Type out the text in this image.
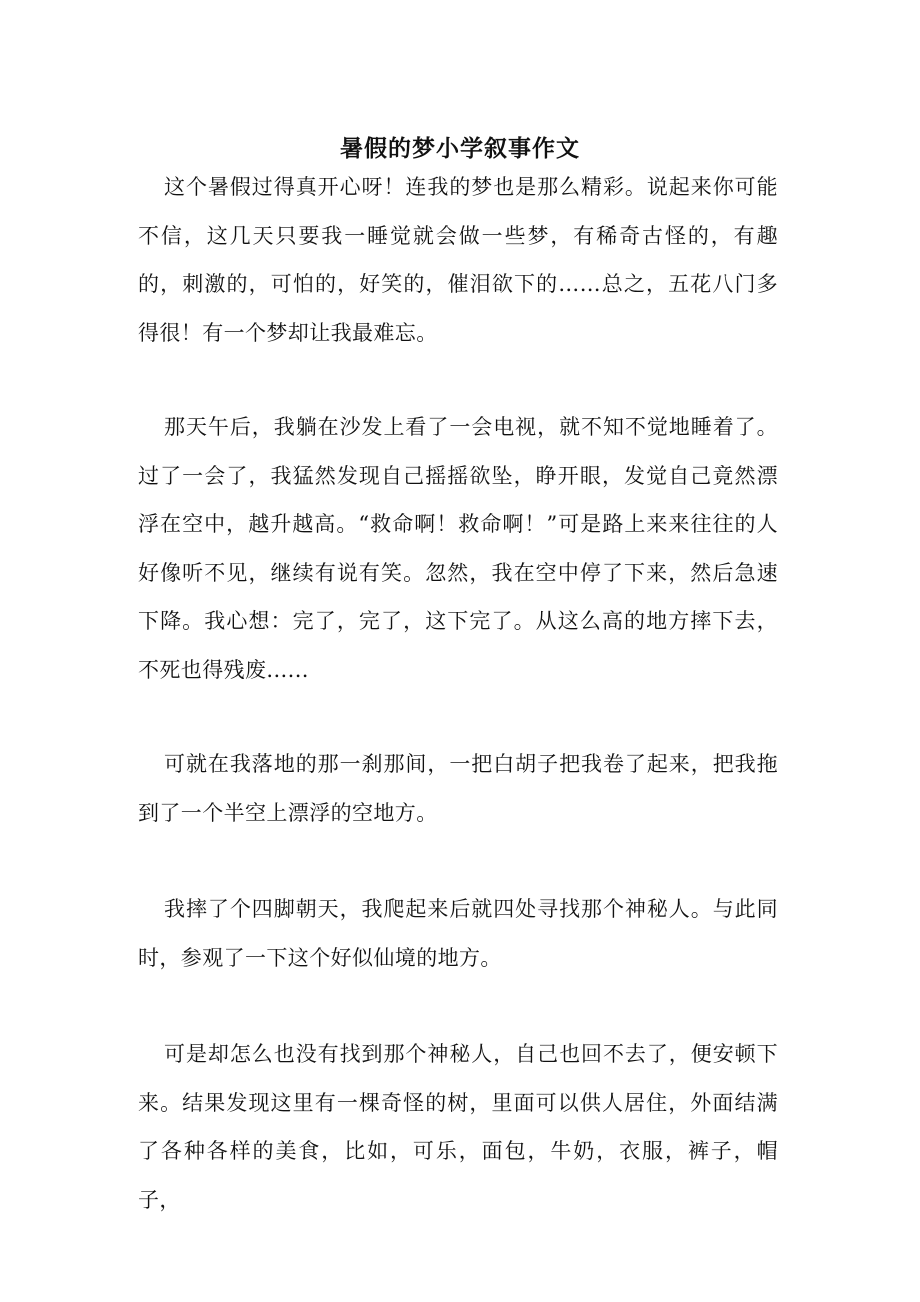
暑假的梦小学叙事作文

这个暑假过得真开心呀！连我的梦也是那么精彩。说起来你可能不信，这几天只要我一睡觉就会做一些梦，有稀奇古怪的，有趣的，刺激的，可怕的，好笑的，催泪欲下的……总之，五花八门多得很！有一个梦却让我最难忘。

那天午后，我躺在沙发上看了一会电视，就不知不觉地睡着了。过了一会了，我猛然发现自己摇摇欲坠，睁开眼，发觉自己竟然漂浮在空中，越升越高。“救命啊！救命啊！”可是路上来来往往的人好像听不见，继续有说有笑。忽然，我在空中停了下来，然后急速下降。我心想：完了，完了，这下完了。从这么高的地方摔下去，不死也得残废......

可就在我落地的那一刹那间，一把白胡子把我卷了起来，把我拖到了一个半空上漂浮的空地方。

我摔了个四脚朝天，我爬起来后就四处寻找那个神秘人。与此同时，参观了一下这个好似仙境的地方。

可是却怎么也没有找到那个神秘人，自己也回不去了，便安顿下来。结果发现这里有一棵奇怪的树，里面可以供人居住，外面结满了各种各样的美食，比如，可乐，面包，牛奶，衣服，裤子，帽子，
